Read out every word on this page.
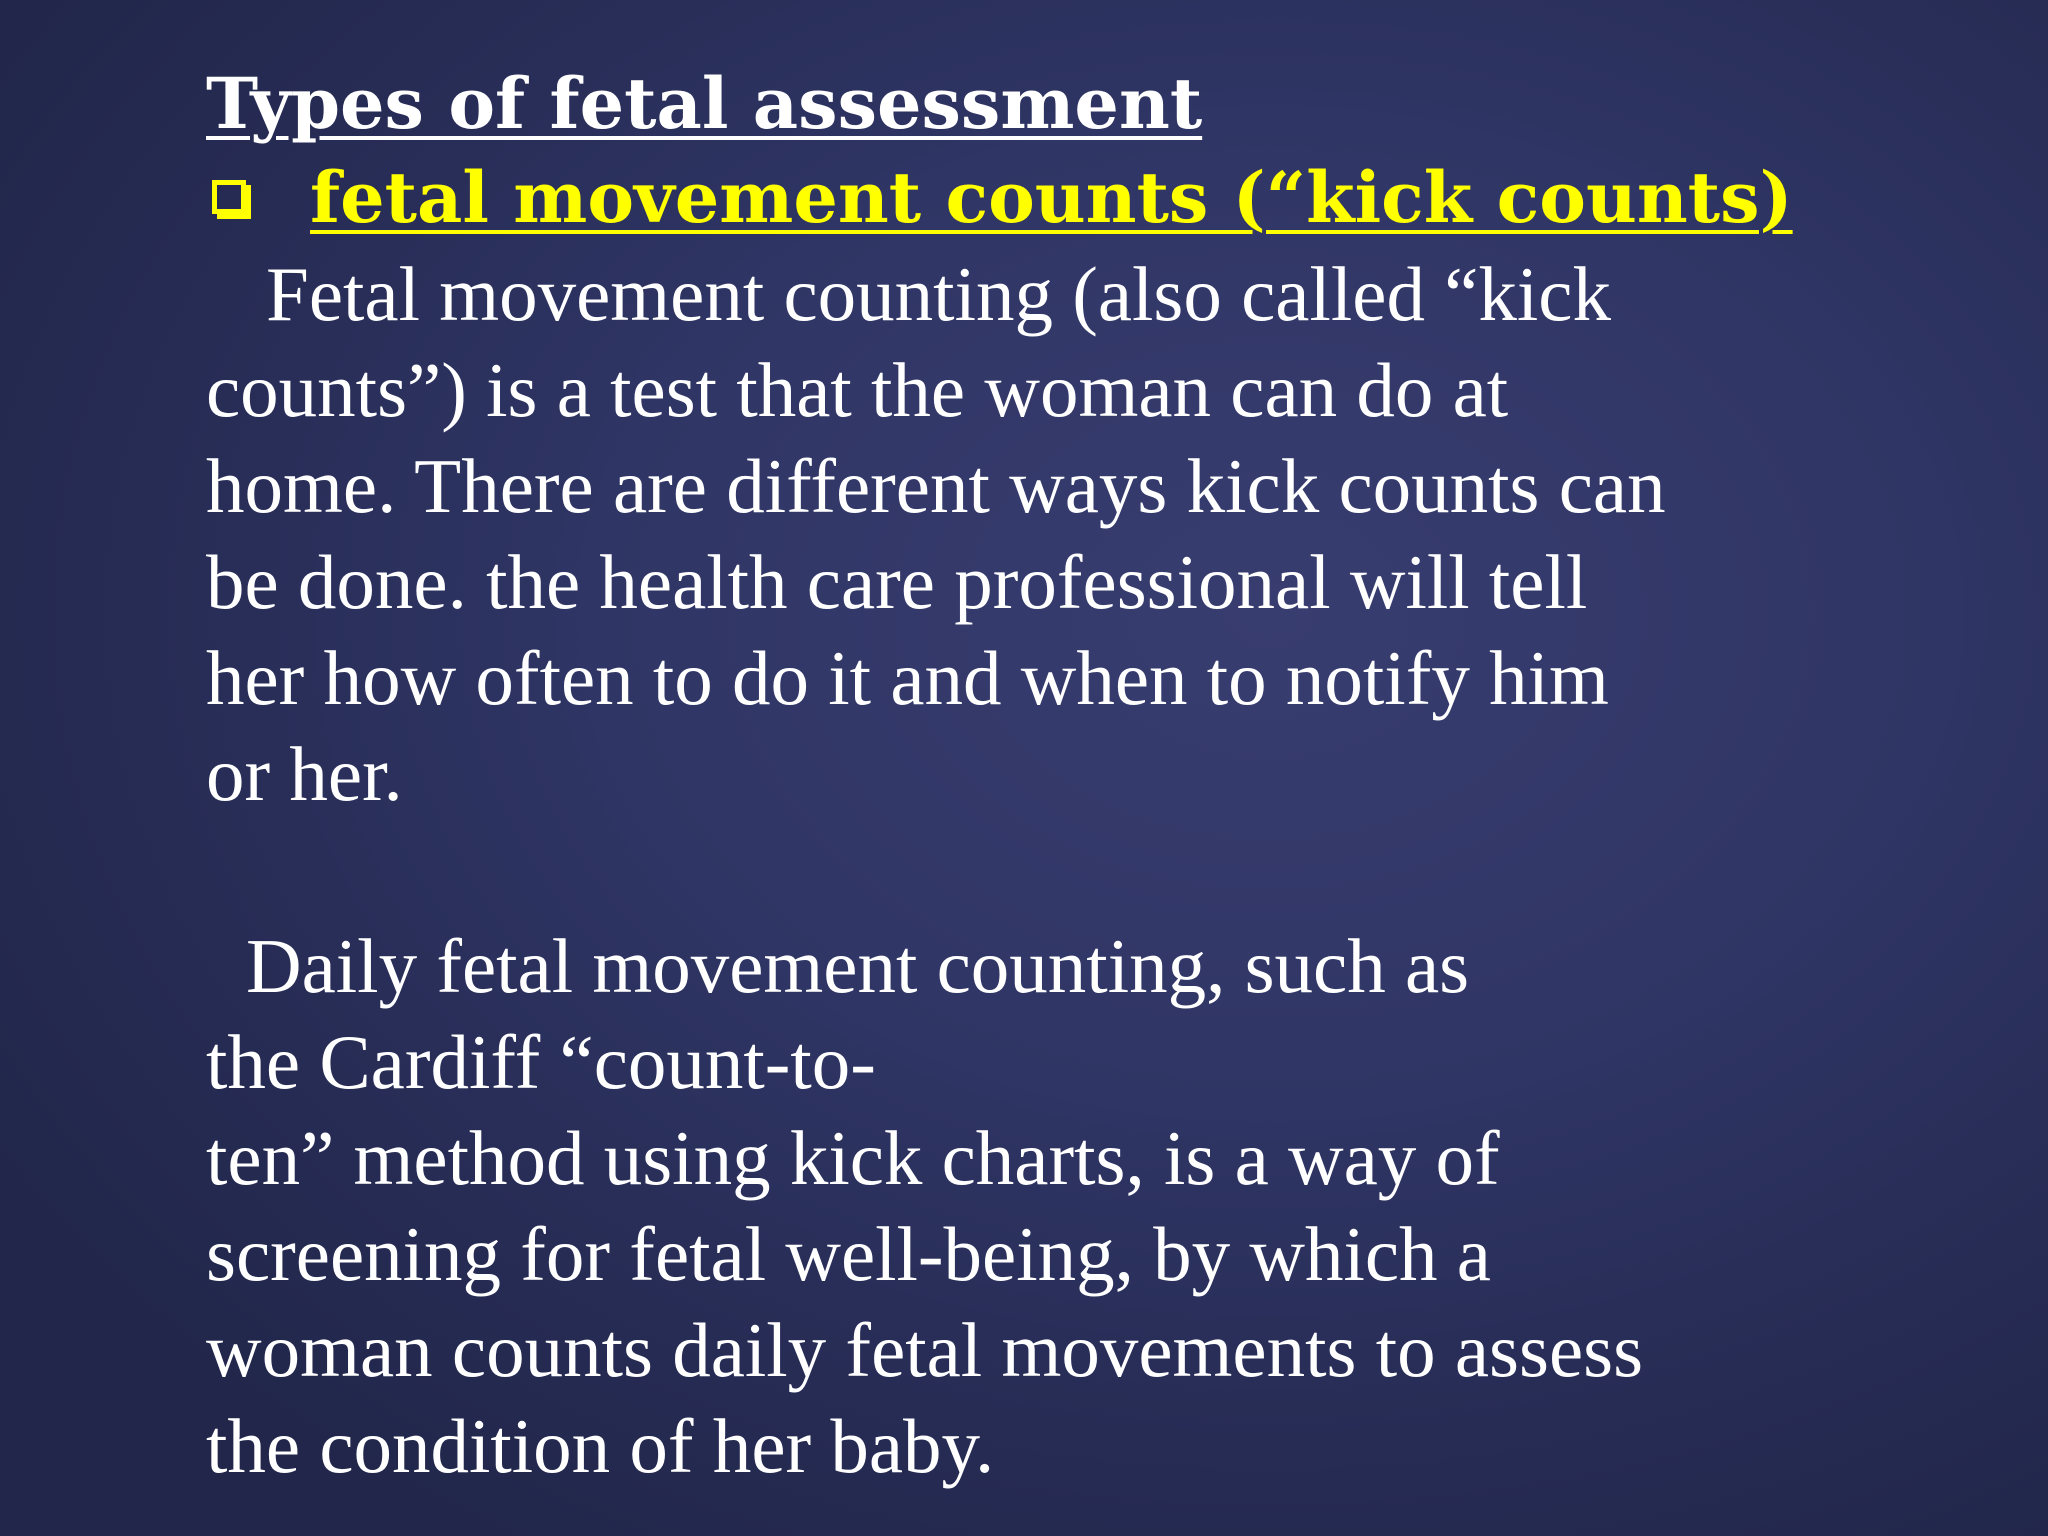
Types of fetal assessment
fetal movement counts (“kick counts)
Fetal movement counting (also called “kick
counts”) is a test that the woman can do at
home. There are different ways kick counts can
be done. the health care professional will tell
her how often to do it and when to notify him
or her.
Daily fetal movement counting, such as
the Cardiff “count-to-
ten” method using kick charts, is a way of
screening for fetal well-being, by which a
woman counts daily fetal movements to assess
the condition of her baby.
